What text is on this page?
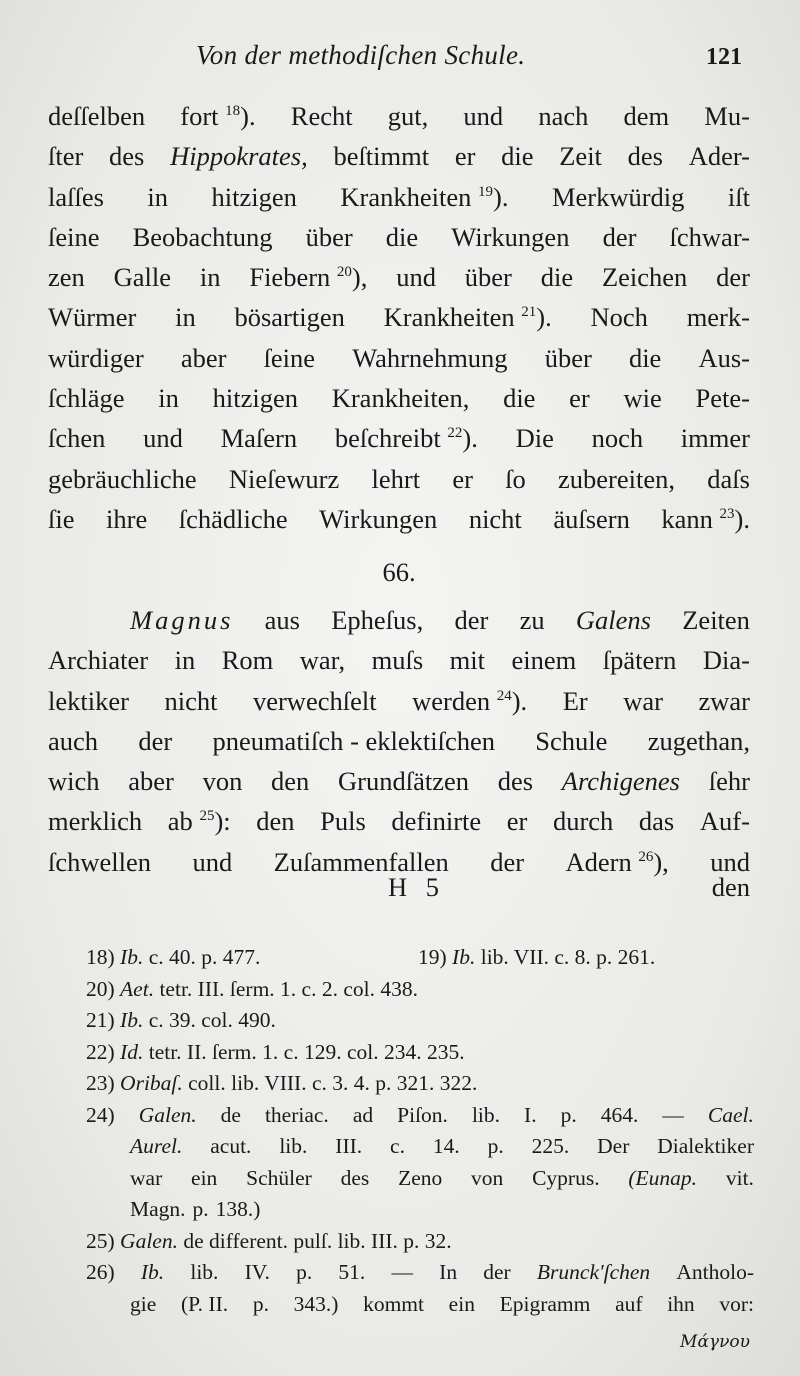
Von der methodiſchen Schule.	121
deſſelben fort $^{18}$). Recht gut, und nach dem Mu-
ſter des Hippokrates, beſtimmt er die Zeit des Ader-
laſſes in hitzigen Krankheiten $^{19}$). Merkwürdig iſt
ſeine Beobachtung über die Wirkungen der ſchwar-
zen Galle in Fiebern $^{20}$), und über die Zeichen der
Würmer in bösartigen Krankheiten $^{21}$). Noch merk-
würdiger aber ſeine Wahrnehmung über die Aus-
ſchläge in hitzigen Krankheiten, die er wie Pete-
ſchen und Maſern beſchreibt $^{22}$). Die noch immer
gebräuchliche Nieſewurz lehrt er ſo zubereiten, daſs
ſie ihre ſchädliche Wirkungen nicht äuſsern kann $^{23}$).
66.
Magnus aus Epheſus, der zu Galens Zeiten
Archiater in Rom war, muſs mit einem ſpätern Dia-
lektiker nicht verwechſelt werden $^{24}$). Er war zwar
auch der pneumatiſch - eklektiſchen Schule zugethan,
wich aber von den Grundſätzen des Archigenes ſehr
merklich ab $^{25}$): den Puls definirte er durch das Auf-
ſchwellen und Zuſammenfallen der Adern $^{26}$), und
H 5	den
18) Ib. c. 40. p. 477.	19) Ib. lib. VII. c. 8. p. 261.
20) Aet. tetr. III. ſerm. 1. c. 2. col. 438.
21) Ib. c. 39. col. 490.
22) Id. tetr. II. ſerm. 1. c. 129. col. 234. 235.
23) Oribaſ. coll. lib. VIII. c. 3. 4. p. 321. 322.
24) Galen. de theriac. ad Piſon. lib. I. p. 464. — Cael.
Aurel. acut. lib. III. c. 14. p. 225. Der Dialektiker
war ein Schüler des Zeno von Cyprus. (Eunap. vit.
Magn. p. 138.)
25) Galen. de different. pulſ. lib. III. p. 32.
26) Ib. lib. IV. p. 51. — In der Brunck'ſchen Antholo-
gie (P. II. p. 343.) kommt ein Epigramm auf ihn vor:
Μάγνου
